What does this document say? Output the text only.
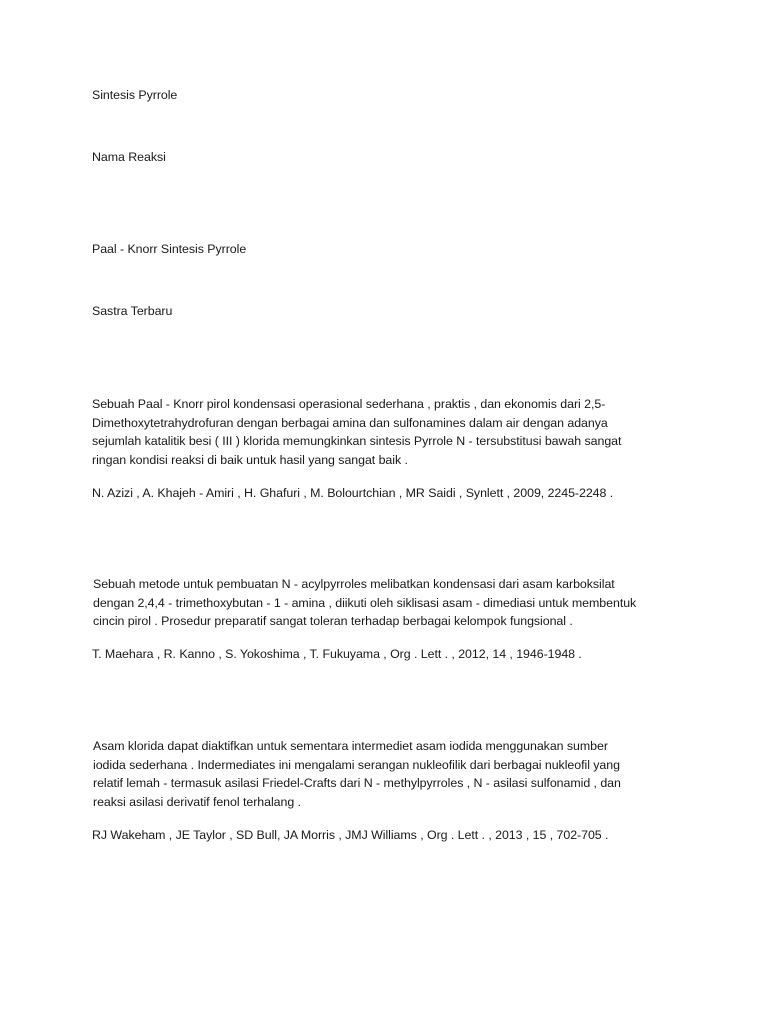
Sintesis Pyrrole
Nama Reaksi
Paal - Knorr Sintesis Pyrrole
Sastra Terbaru
Sebuah Paal - Knorr pirol kondensasi operasional sederhana , praktis , dan ekonomis dari 2,5-
Dimethoxytetrahydrofuran dengan berbagai amina dan sulfonamines dalam air dengan adanya
sejumlah katalitik besi ( III ) klorida memungkinkan sintesis Pyrrole N - tersubstitusi bawah sangat
ringan kondisi reaksi di baik untuk hasil yang sangat baik .
N. Azizi , A. Khajeh - Amiri , H. Ghafuri , M. Bolourtchian , MR Saidi , Synlett , 2009, 2245-2248 .
Sebuah metode untuk pembuatan N - acylpyrroles melibatkan kondensasi dari asam karboksilat
dengan 2,4,4 - trimethoxybutan - 1 - amina , diikuti oleh siklisasi asam - dimediasi untuk membentuk
cincin pirol . Prosedur preparatif sangat toleran terhadap berbagai kelompok fungsional .
T. Maehara , R. Kanno , S. Yokoshima , T. Fukuyama , Org . Lett . , 2012, 14 , 1946-1948 .
Asam klorida dapat diaktifkan untuk sementara intermediet asam iodida menggunakan sumber
iodida sederhana . Indermediates ini mengalami serangan nukleofilik dari berbagai nukleofil yang
relatif lemah - termasuk asilasi Friedel-Crafts dari N - methylpyrroles , N - asilasi sulfonamid , dan
reaksi asilasi derivatif fenol terhalang .
RJ Wakeham , JE Taylor , SD Bull, JA Morris , JMJ Williams , Org . Lett . , 2013 , 15 , 702-705 .
